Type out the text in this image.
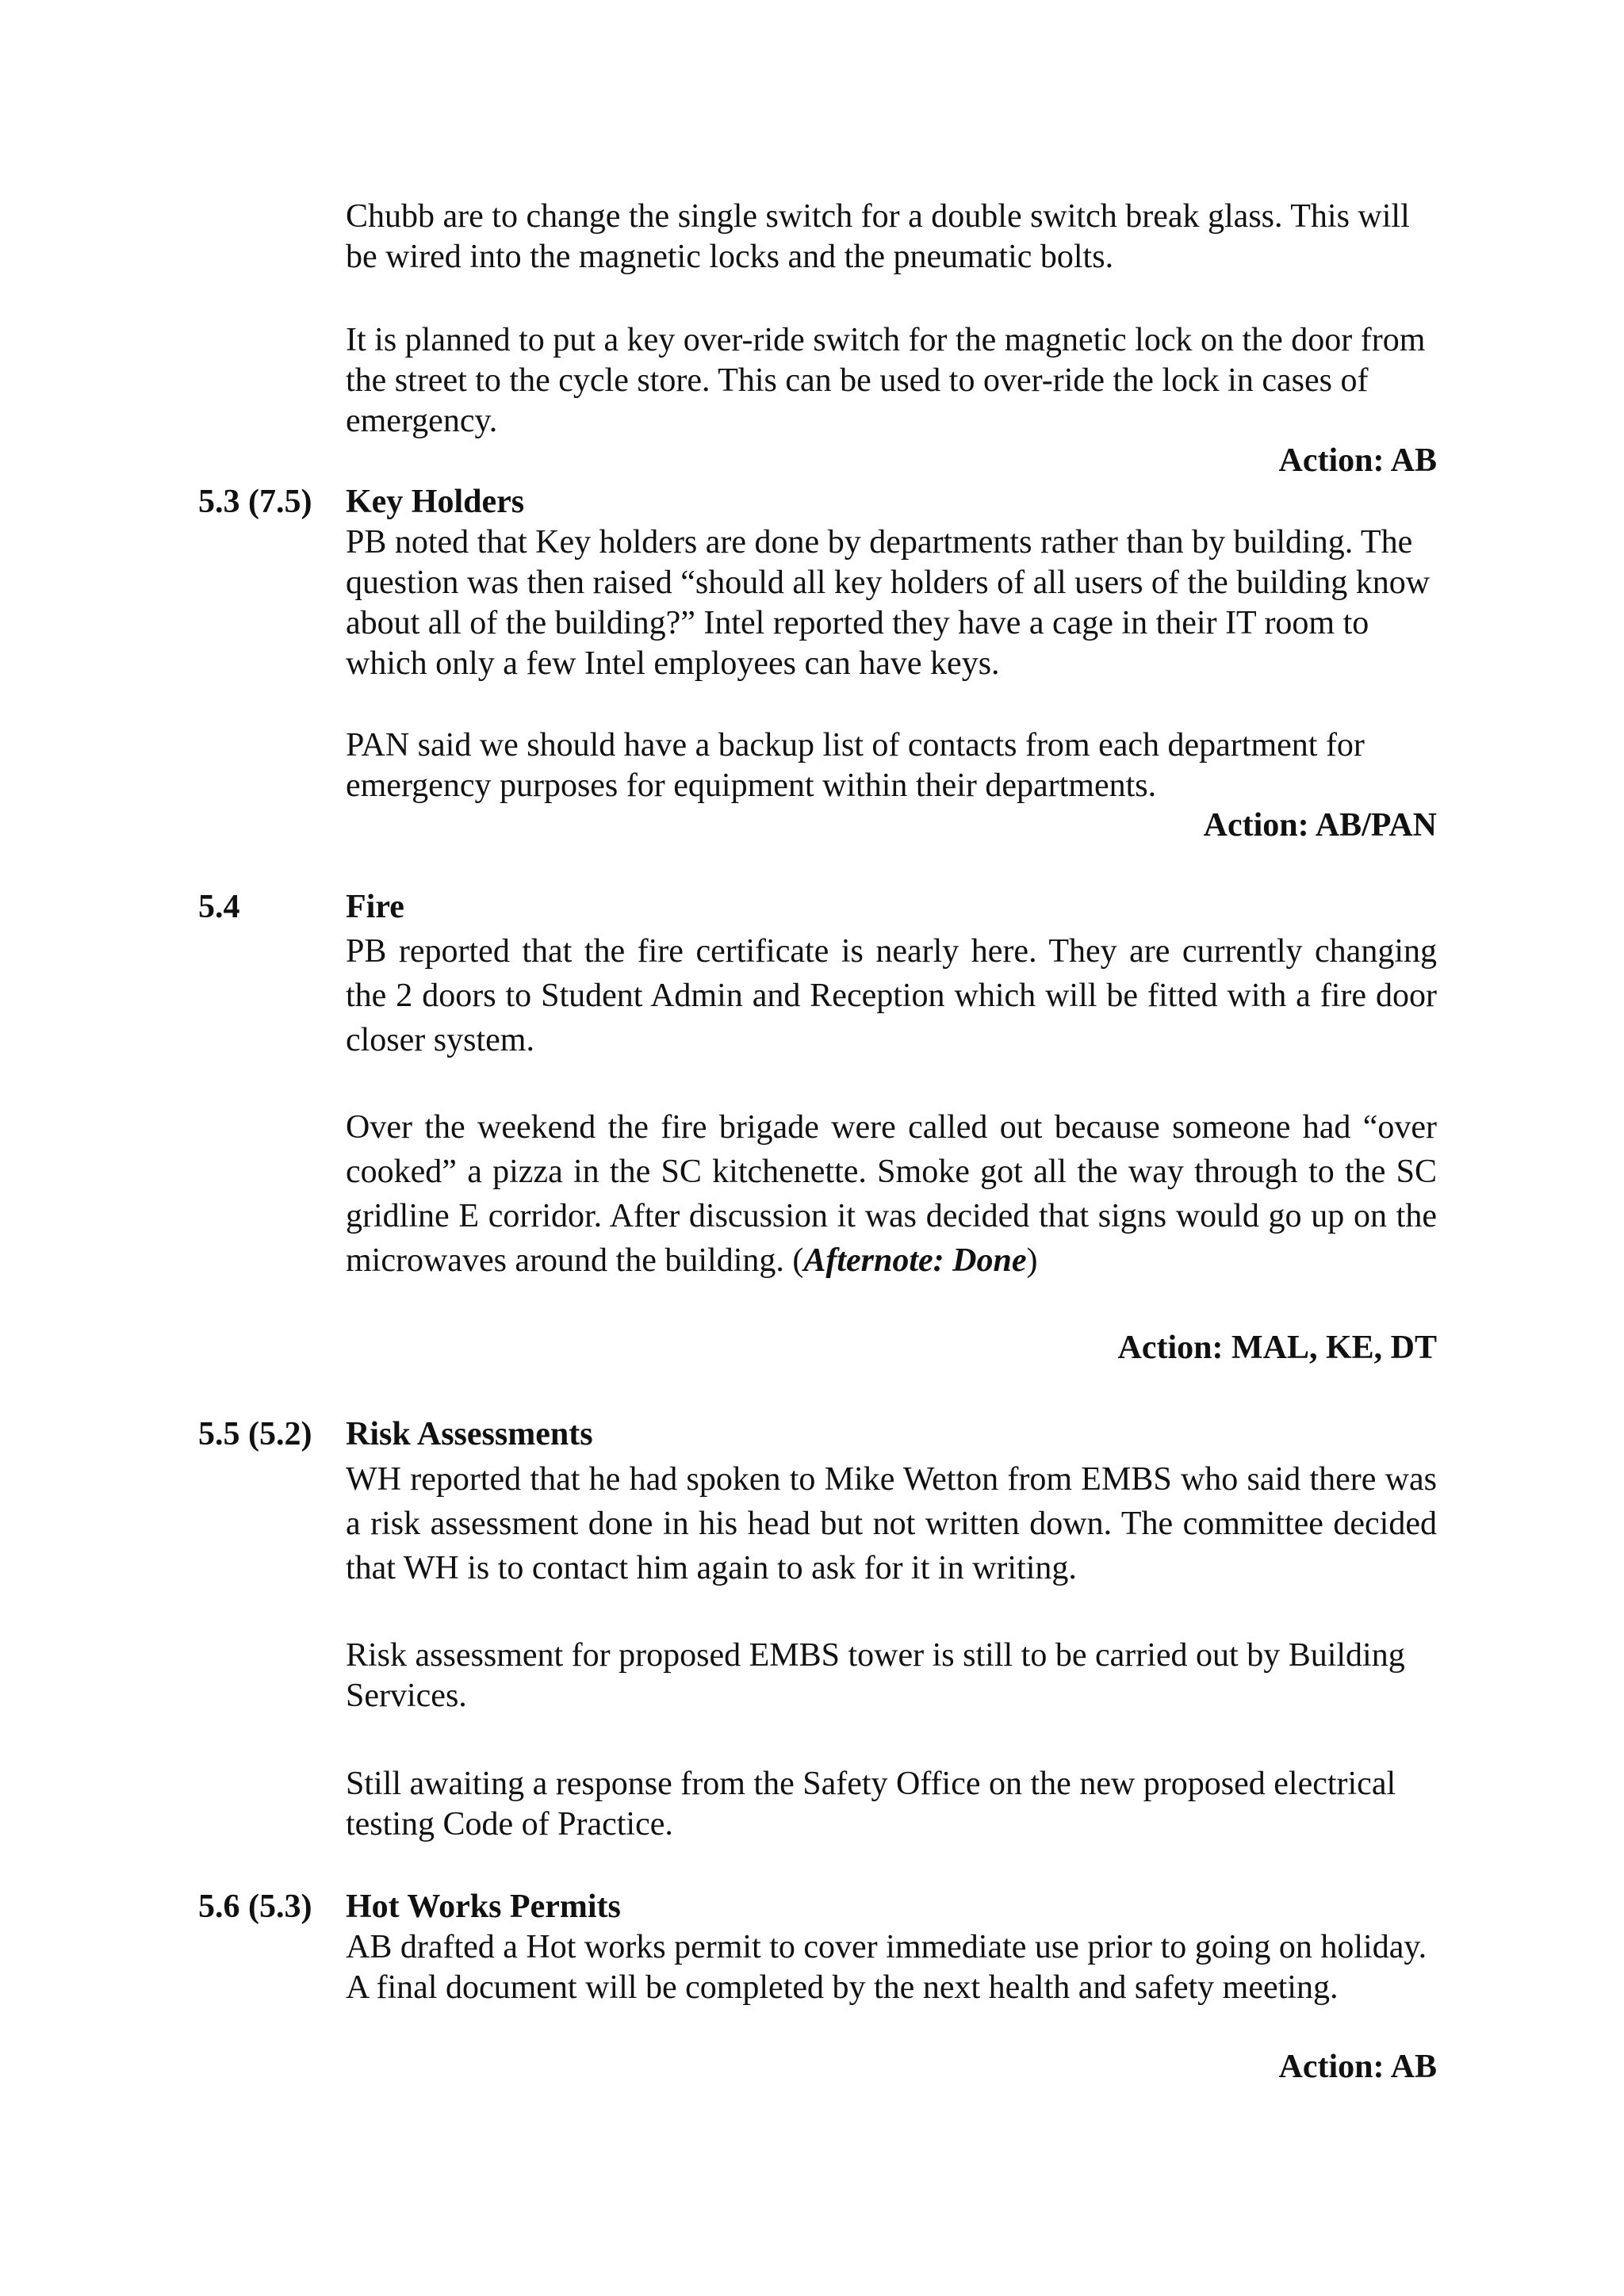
Chubb are to change the single switch for a double switch break glass. This will be wired into the magnetic locks and the pneumatic bolts.

It is planned to put a key over-ride switch for the magnetic lock on the door from the street to the cycle store. This can be used to over-ride the lock in cases of emergency.

Action: AB
5.3 (7.5) Key Holders

PB noted that Key holders are done by departments rather than by building. The question was then raised “should all key holders of all users of the building know about all of the building?” Intel reported they have a cage in their IT room to which only a few Intel employees can have keys.

PAN said we should have a backup list of contacts from each department for emergency purposes for equipment within their departments.

Action: AB/PAN
5.4	Fire

PB reported that the fire certificate is nearly here. They are currently changing the 2 doors to Student Admin and Reception which will be fitted with a fire door closer system.

Over the weekend the fire brigade were called out because someone had “over cooked” a pizza in the SC kitchenette. Smoke got all the way through to the SC gridline E corridor. After discussion it was decided that signs would go up on the microwaves around the building. (Afternote: Done)

Action: MAL, KE, DT
5.5 (5.2) Risk Assessments

WH reported that he had spoken to Mike Wetton from EMBS who said there was a risk assessment done in his head but not written down. The committee decided that WH is to contact him again to ask for it in writing.

Risk assessment for proposed EMBS tower is still to be carried out by Building Services.

Still awaiting a response from the Safety Office on the new proposed electrical testing Code of Practice.

5.6 (5.3) Hot Works Permits

AB drafted a Hot works permit to cover immediate use prior to going on holiday. A final document will be completed by the next health and safety meeting.

Action: AB
